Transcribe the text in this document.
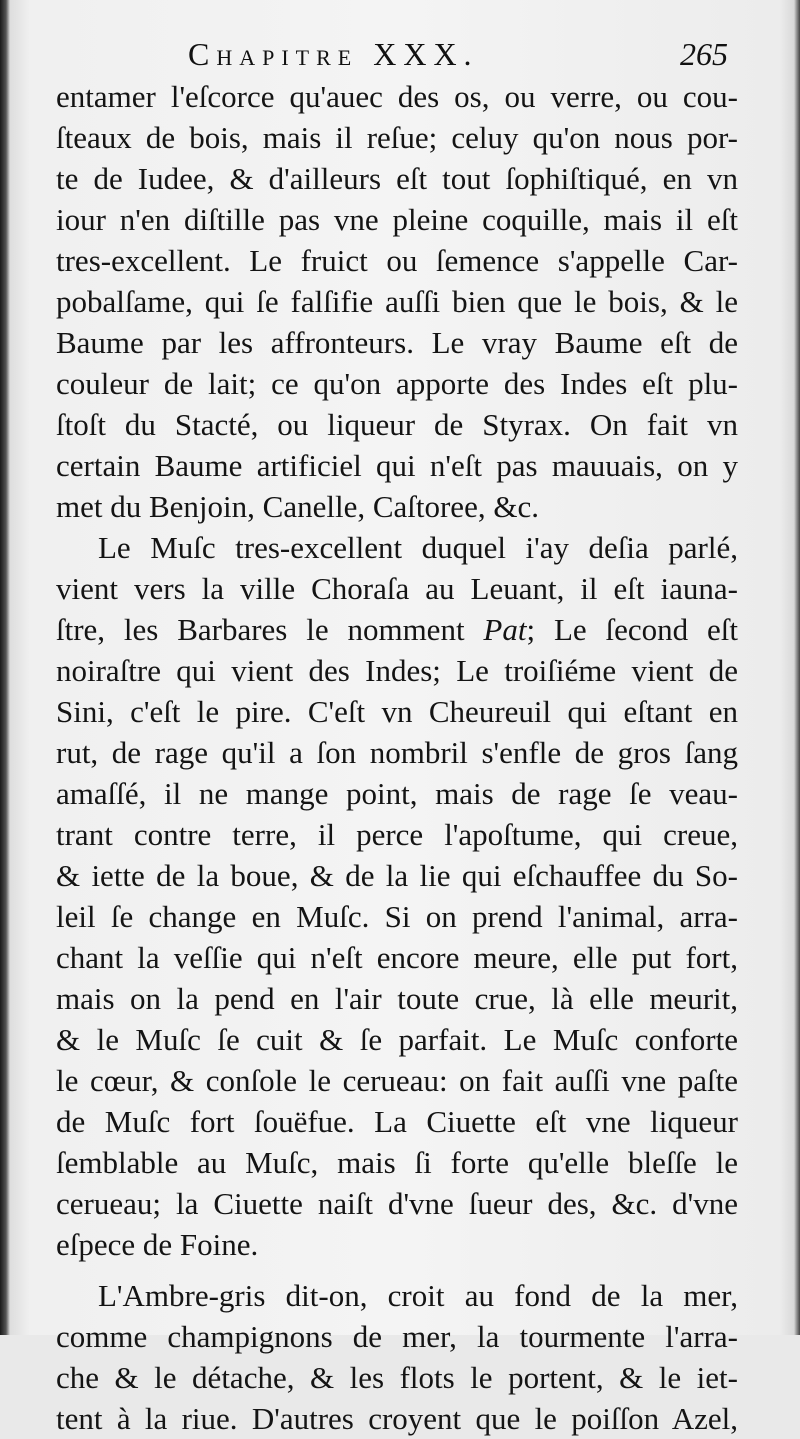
Chapitre XXX.	265
entamer l'eſcorce qu'auec des os, ou verre, ou cou-
ſteaux de bois, mais il reſue; celuy qu'on nous por-
te de Iudee, & d'ailleurs eſt tout ſophiſtiqué, en vn
iour n'en diſtille pas vne pleine coquille, mais il eſt
tres-excellent. Le fruict ou ſemence s'appelle Car-
pobalſame, qui ſe falſifie auſſi bien que le bois, & le
Baume par les affronteurs. Le vray Baume eſt de
couleur de lait; ce qu'on apporte des Indes eſt plu-
ſtoſt du Stacté, ou liqueur de Styrax. On fait vn
certain Baume artificiel qui n'eſt pas mauuais, on y
met du Benjoin, Canelle, Caſtoree, &c.
Le Muſc tres-excellent duquel i'ay deſia parlé,
vient vers la ville Choraſa au Leuant, il eſt iauna-
ſtre, les Barbares le nomment Pat; Le ſecond eſt
noiraſtre qui vient des Indes; Le troiſiéme vient de
Sini, c'eſt le pire. C'eſt vn Cheureuil qui eſtant en
rut, de rage qu'il a ſon nombril s'enfle de gros ſang
amaſſé, il ne mange point, mais de rage ſe veau-
trant contre terre, il perce l'apoſtume, qui creue,
& iette de la boue, & de la lie qui eſchauffee du So-
leil ſe change en Muſc. Si on prend l'animal, arra-
chant la veſſie qui n'eſt encore meure, elle put fort,
mais on la pend en l'air toute crue, là elle meurit,
& le Muſc ſe cuit & ſe parfait. Le Muſc conforte
le cœur, & conſole le cerueau: on fait auſſi vne paſte
de Muſc fort ſouëfue. La Ciuette eſt vne liqueur
ſemblable au Muſc, mais ſi forte qu'elle bleſſe le
cerueau; la Ciuette naiſt d'vne ſueur des, &c. d'vne
eſpece de Foine.
L'Ambre-gris dit-on, croit au fond de la mer,
comme champignons de mer, la tourmente l'arra-
che & le détache, & les flots le portent, & le iet-
tent à la riue. D'autres croyent que le poiſſon Azel,
